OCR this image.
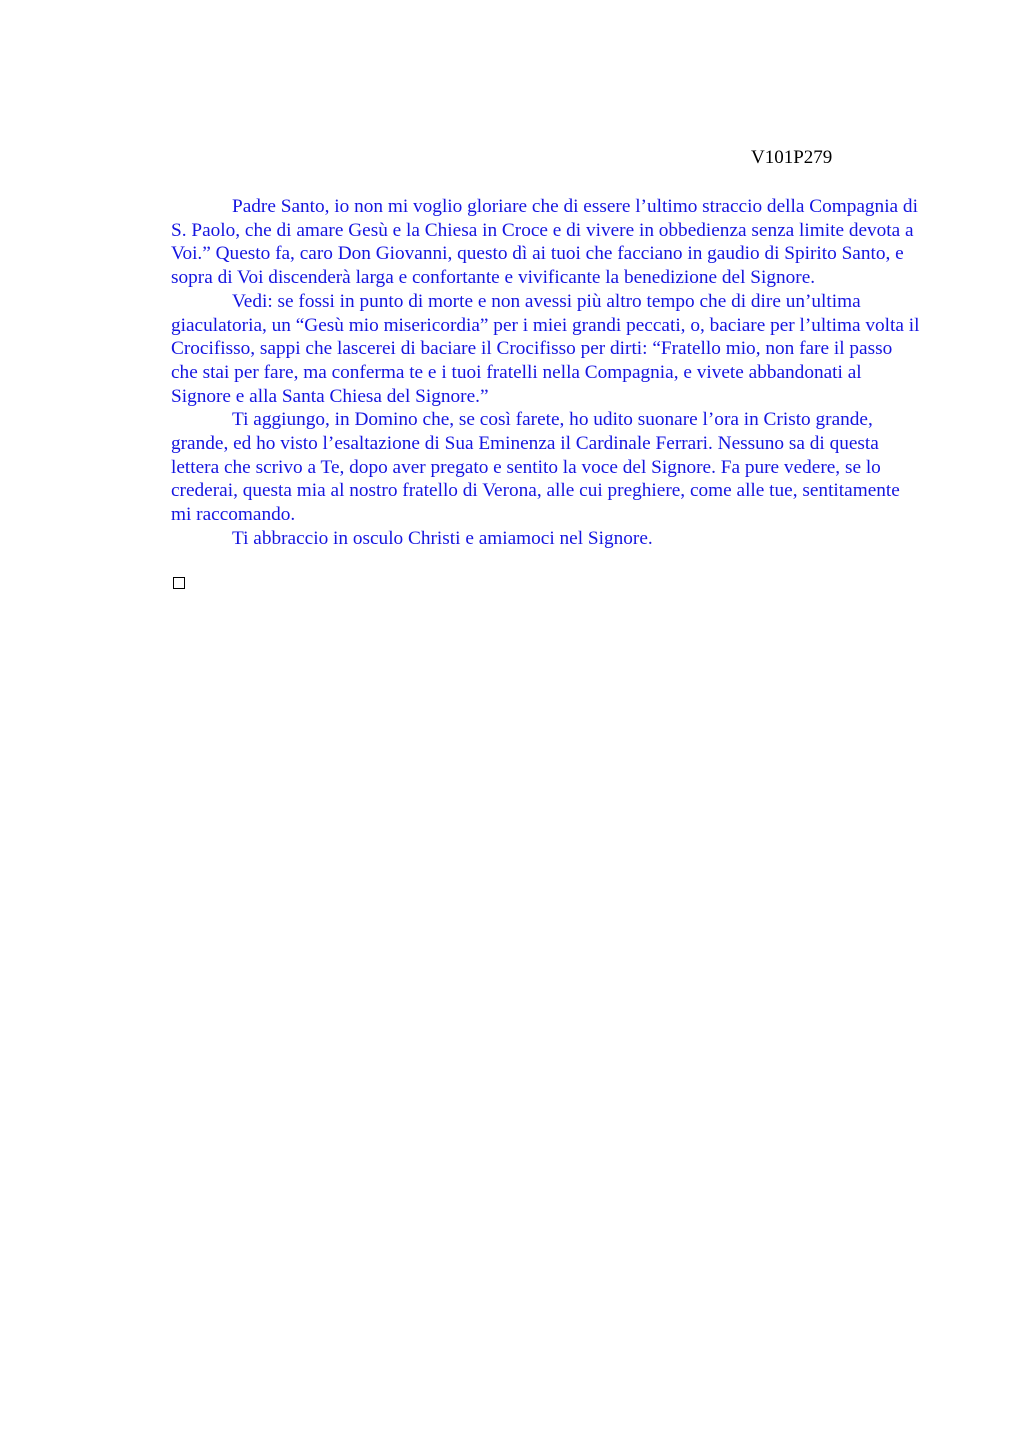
V101P279

Padre Santo, io non mi voglio gloriare che di essere l’ultimo straccio della Compagnia di S. Paolo, che di amare Gesù e la Chiesa in Croce e di vivere in obbedienza senza limite devota a Voi.” Questo fa, caro Don Giovanni, questo dì ai tuoi che facciano in gaudio di Spirito Santo, e sopra di Voi discenderà larga e confortante e vivificante la benedizione del Signore.

Vedi: se fossi in punto di morte e non avessi più altro tempo che di dire un’ultima giaculatoria, un “Gesù mio misericordia” per i miei grandi peccati, o, baciare per l’ultima volta il Crocifisso, sappi che lascerei di baciare il Crocifisso per dirti: “Fratello mio, non fare il passo che stai per fare, ma conferma te e i tuoi fratelli nella Compagnia, e vivete abbandonati al Signore e alla Santa Chiesa del Signore.”

Ti aggiungo, in Domino che, se così farete, ho udito suonare l’ora in Cristo grande, grande, ed ho visto l’esaltazione di Sua Eminenza il Cardinale Ferrari. Nessuno sa di questa lettera che scrivo a Te, dopo aver pregato e sentito la voce del Signore. Fa pure vedere, se lo crederai, questa mia al nostro fratello di Verona, alle cui preghiere, come alle tue, sentitamente mi raccomando.

Ti abbraccio in osculo Christi e amiamoci nel Signore.
